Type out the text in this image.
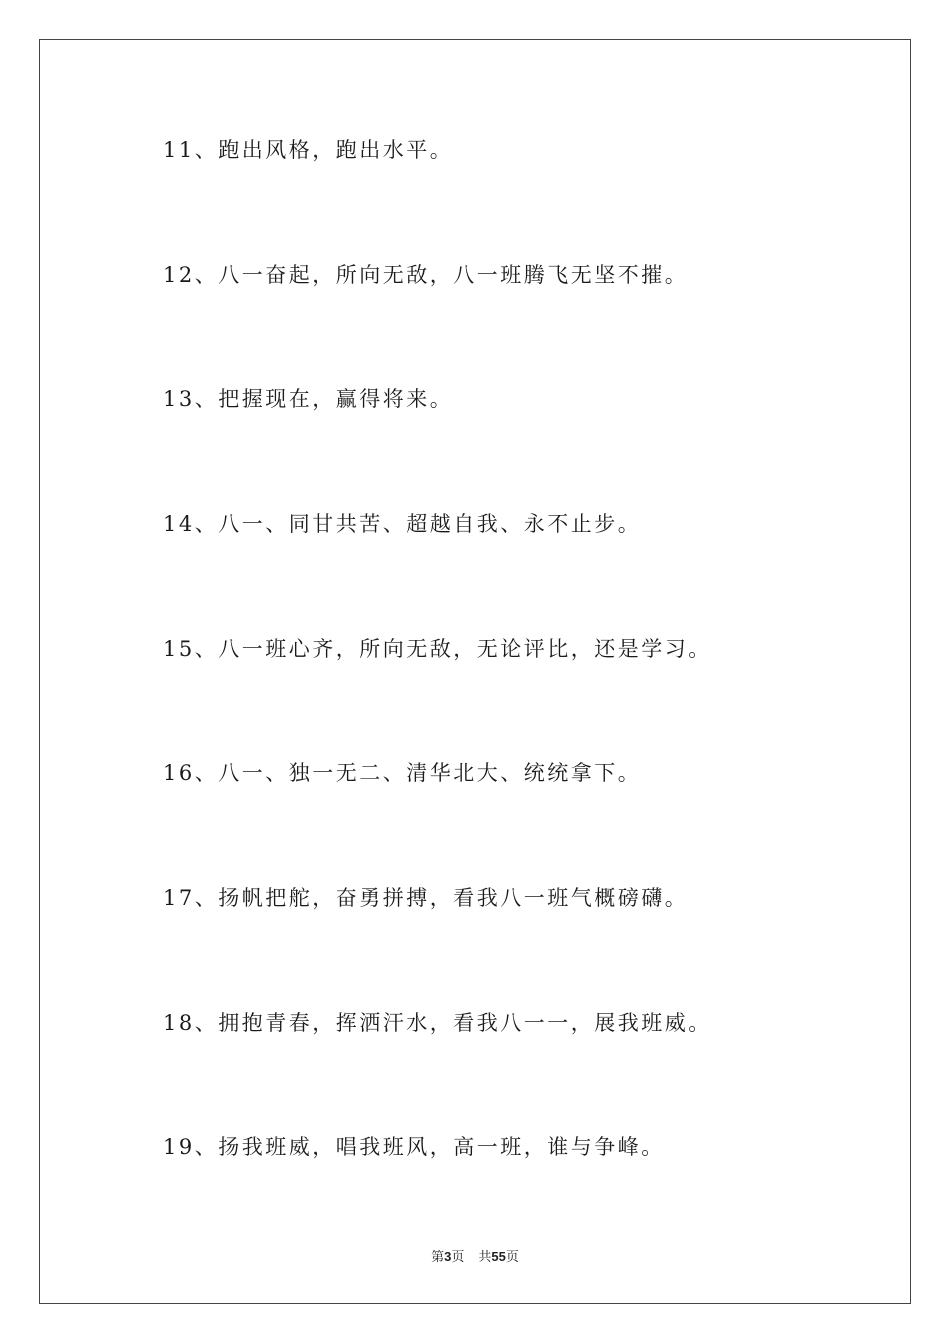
11、跑出风格，跑出水平。
12、八一奋起，所向无敌，八一班腾飞无坚不摧。
13、把握现在，赢得将来。
14、八一、同甘共苦、超越自我、永不止步。
15、八一班心齐，所向无敌，无论评比，还是学习。
16、八一、独一无二、清华北大、统统拿下。
17、扬帆把舵，奋勇拼搏，看我八一班气概磅礴。
18、拥抱青春，挥洒汗水，看我八一一，展我班威。
19、扬我班威，唱我班风，高一班，谁与争峰。
第3页 共55页
